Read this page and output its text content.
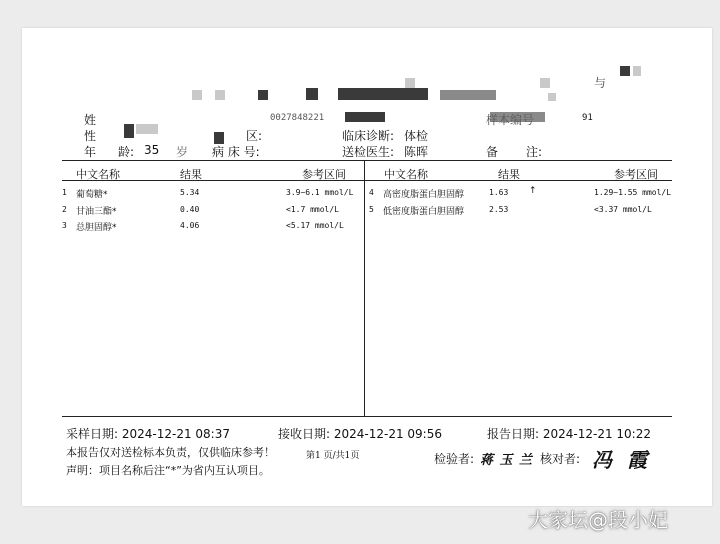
与
姓	0027848221	样本编号	91
性	区:	临床诊断: 体检
年 龄: 35 岁 病 床 号:	送检医生: 陈晖	备 注:
中文名称	结果	参考区间	中文名称	结果	参考区间
1 葡萄糖*	5.34	3.9~6.1 mmol/L
2 甘油三酯*	0.40	<1.7 mmol/L
3 总胆固醇*	4.06	<5.17 mmol/L
4 高密度脂蛋白胆固醇	1.63 ↑	1.29~1.55 mmol/L
5 低密度脂蛋白胆固醇	2.53	<3.37 mmol/L
采样日期: 2024-12-21 08:37	接收日期: 2024-12-21 09:56	报告日期: 2024-12-21 10:22
本报告仅对送检标本负责，仅供临床参考！	第1 页/共1页
声明：项目名称后注“*”为省内互认项目。
检验者: 蒋 玉 兰 核对者: 冯 霞
大家坛@段小妃
